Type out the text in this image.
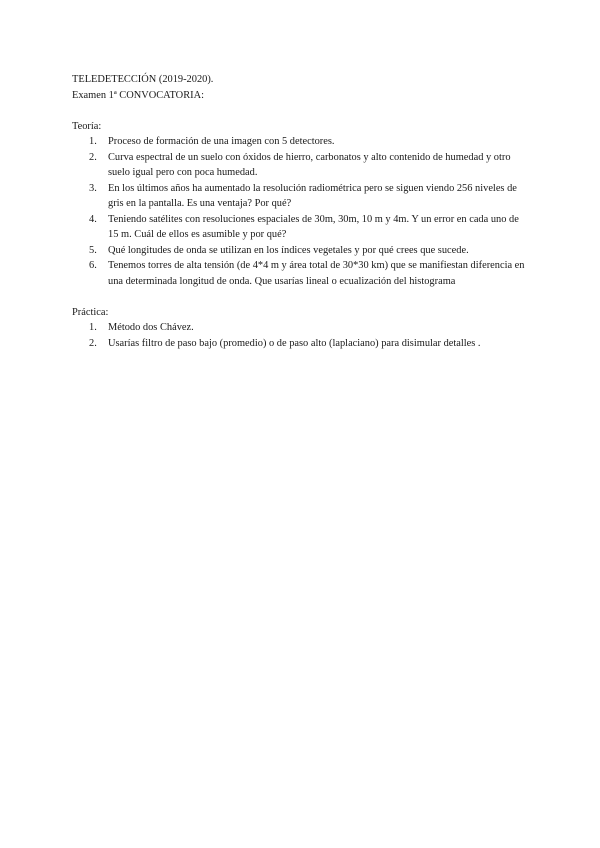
TELEDETECCIÓN (2019-2020).
Examen 1ª CONVOCATORIA:
Teoría:
1. Proceso de formación de una imagen con 5 detectores.
2. Curva espectral de un suelo con óxidos de hierro, carbonatos y alto contenido de humedad y otro suelo igual pero con poca humedad.
3. En los últimos años ha aumentado la resolución radiométrica pero se siguen viendo 256 niveles de gris en la pantalla. Es una ventaja? Por qué?
4. Teniendo satélites con resoluciones espaciales de 30m, 30m, 10 m y 4m. Y un error en cada uno de 15 m. Cuál de ellos es asumible y por qué?
5. Qué longitudes de onda se utilizan en los índices vegetales y por qué crees que sucede.
6. Tenemos torres de alta tensión (de 4*4 m y área total de 30*30 km) que se manifiestan diferencia en una determinada longitud de onda. Que usarías lineal o ecualización del histograma
Práctica:
1. Método dos Chávez.
2. Usarías filtro de paso bajo (promedio) o de paso alto (laplaciano) para disimular detalles .
